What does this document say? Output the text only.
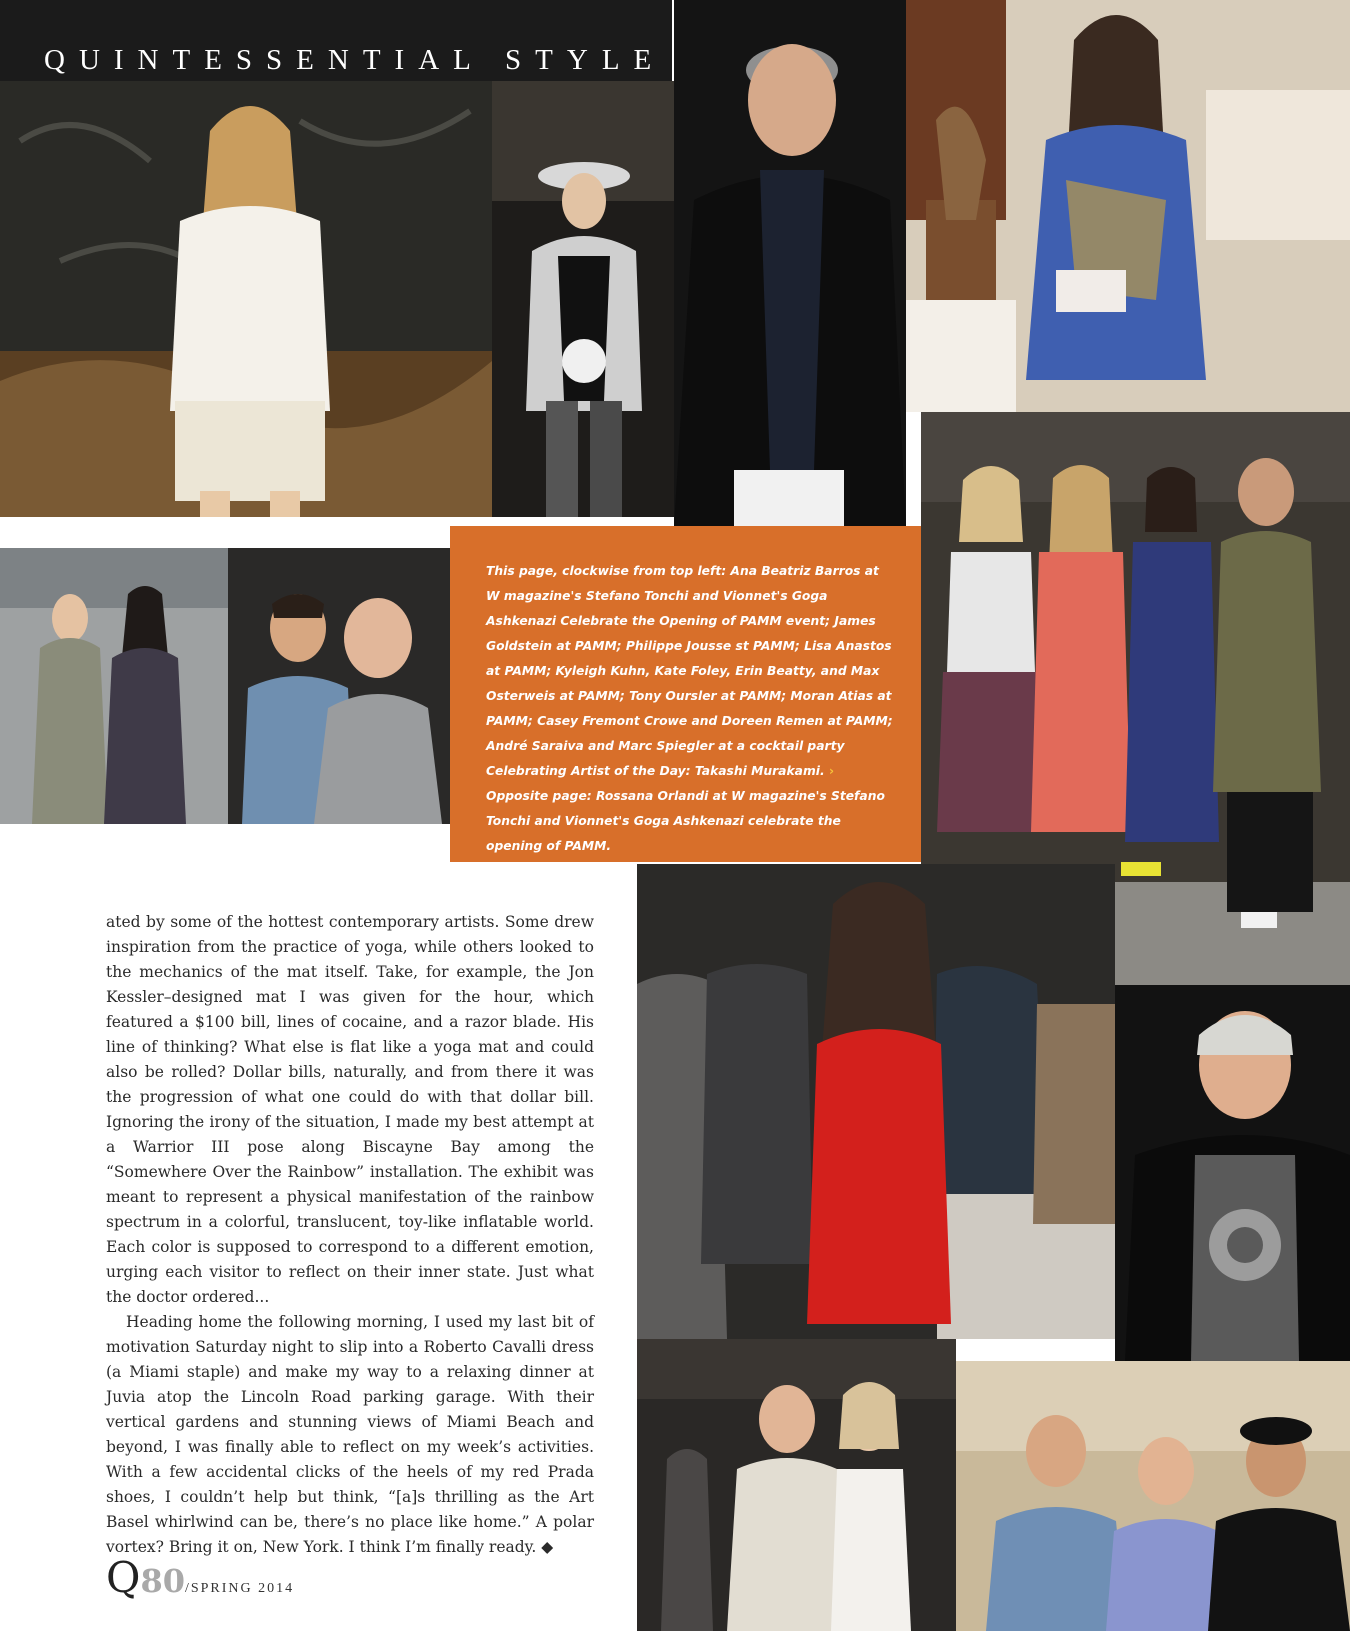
QUINTESSENTIAL STYLE
This page, clockwise from top left: Ana Beatriz Barros at W magazine's Stefano Tonchi and Vionnet's Goga Ashkenazi Celebrate the Opening of PAMM event; James Goldstein at PAMM; Philippe Jousse st PAMM; Lisa Anastos at PAMM; Kyleigh Kuhn, Kate Foley, Erin Beatty, and Max Osterweis at PAMM; Tony Oursler at PAMM; Moran Atias at PAMM; Casey Fremont Crowe and Doreen Remen at PAMM; André Saraiva and Marc Spiegler at a cocktail party Celebrating Artist of the Day: Takashi Murakami. › Opposite page: Rossana Orlandi at W magazine's Stefano Tonchi and Vionnet's Goga Ashkenazi celebrate the opening of PAMM.

ated by some of the hottest contemporary artists. Some drew inspiration from the practice of yoga, while others looked to the mechanics of the mat itself. Take, for example, the Jon Kessler–designed mat I was given for the hour, which featured a $100 bill, lines of cocaine, and a razor blade. His line of thinking? What else is flat like a yoga mat and could also be rolled? Dollar bills, naturally, and from there it was the progression of what one could do with that dollar bill. Ignoring the irony of the situation, I made my best attempt at a Warrior III pose along Biscayne Bay among the “Somewhere Over the Rainbow” installation. The exhibit was meant to represent a physical manifestation of the rainbow spectrum in a colorful, translucent, toy-like inflatable world. Each color is supposed to correspond to a different emotion, urging each visitor to reflect on their inner state. Just what the doctor ordered...

Heading home the following morning, I used my last bit of motivation Saturday night to slip into a Roberto Cavalli dress (a Miami staple) and make my way to a relaxing dinner at Juvia atop the Lincoln Road parking garage. With their vertical gardens and stunning views of Miami Beach and beyond, I was finally able to reflect on my week’s activities. With a few accidental clicks of the heels of my red Prada shoes, I couldn’t help but think, “[a]s thrilling as the Art Basel whirlwind can be, there’s no place like home.” A polar vortex? Bring it on, New York. I think I’m finally ready. ◆

Q80/SPRING 2014
